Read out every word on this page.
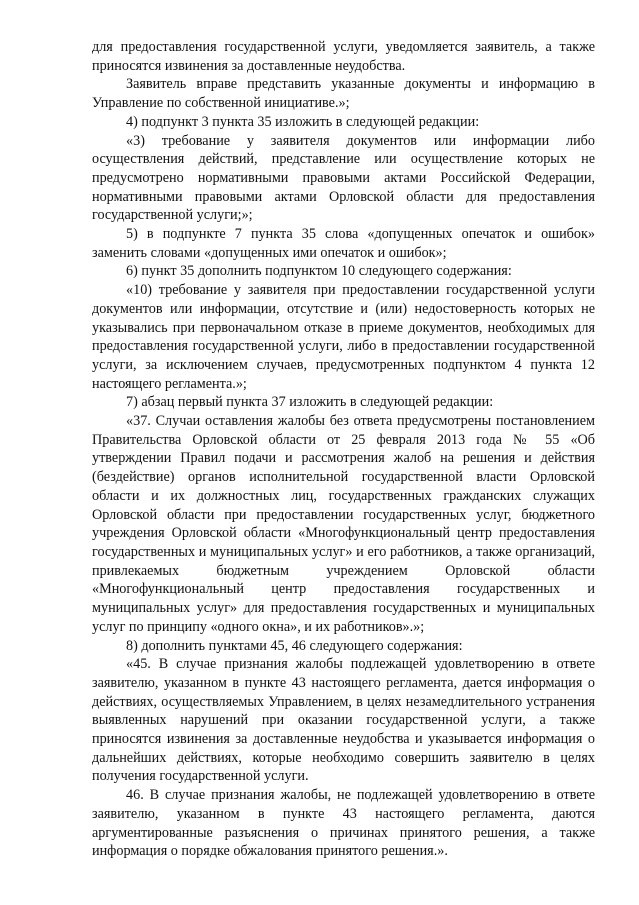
для предоставления государственной услуги, уведомляется заявитель, а также приносятся извинения за доставленные неудобства.

Заявитель вправе представить указанные документы и информацию в Управление по собственной инициативе.»;

4) подпункт 3 пункта 35 изложить в следующей редакции:

«3) требование у заявителя документов или информации либо осуществления действий, представление или осуществление которых не предусмотрено нормативными правовыми актами Российской Федерации, нормативными правовыми актами Орловской области для предоставления государственной услуги;»;

5) в подпункте 7 пункта 35 слова «допущенных опечаток и ошибок» заменить словами «допущенных ими опечаток и ошибок»;

6) пункт 35 дополнить подпунктом 10 следующего содержания:

«10) требование у заявителя при предоставлении государственной услуги документов или информации, отсутствие и (или) недостоверность которых не указывались при первоначальном отказе в приеме документов, необходимых для предоставления государственной услуги, либо в предоставлении государственной услуги, за исключением случаев, предусмотренных подпунктом 4 пункта 12 настоящего регламента.»;

7) абзац первый пункта 37 изложить в следующей редакции:

«37. Случаи оставления жалобы без ответа предусмотрены постановлением Правительства Орловской области от 25 февраля 2013 года № 55 «Об утверждении Правил подачи и рассмотрения жалоб на решения и действия (бездействие) органов исполнительной государственной власти Орловской области и их должностных лиц, государственных гражданских служащих Орловской области при предоставлении государственных услуг, бюджетного учреждения Орловской области «Многофункциональный центр предоставления государственных и муниципальных услуг» и его работников, а также организаций, привлекаемых бюджетным учреждением Орловской области «Многофункциональный центр предоставления государственных и муниципальных услуг» для предоставления государственных и муниципальных услуг по принципу «одного окна», и их работников».»;

8) дополнить пунктами 45, 46 следующего содержания:

«45. В случае признания жалобы подлежащей удовлетворению в ответе заявителю, указанном в пункте 43 настоящего регламента, дается информация о действиях, осуществляемых Управлением, в целях незамедлительного устранения выявленных нарушений при оказании государственной услуги, а также приносятся извинения за доставленные неудобства и указывается информация о дальнейших действиях, которые необходимо совершить заявителю в целях получения государственной услуги.

46. В случае признания жалобы, не подлежащей удовлетворению в ответе заявителю, указанном в пункте 43 настоящего регламента, даются аргументированные разъяснения о причинах принятого решения, а также информация о порядке обжалования принятого решения.».
